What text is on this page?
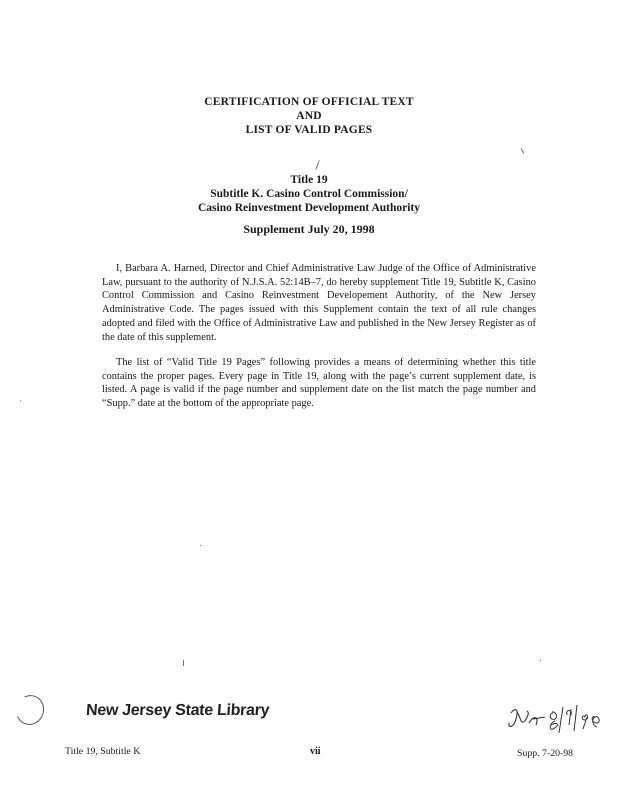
CERTIFICATION OF OFFICIAL TEXT
AND
LIST OF VALID PAGES
Title 19
Subtitle K. Casino Control Commission/
Casino Reinvestment Development Authority
Supplement July 20, 1998

I, Barbara A. Harned, Director and Chief Administrative Law Judge of the Office of Administrative Law, pursuant to the authority of N.J.S.A. 52:14B–7, do hereby supplement Title 19, Subtitle K, Casino Control Commission and Casino Reinvestment Developement Authority, of the New Jersey Administrative Code. The pages issued with this Supplement contain the text of all rule changes adopted and filed with the Office of Administrative Law and published in the New Jersey Register as of the date of this supplement.

The list of “Valid Title 19 Pages” following provides a means of determining whether this title contains the proper pages. Every page in Title 19, along with the page’s current supplement date, is listed. A page is valid if the page number and supplement date on the list match the page number and “Supp.” date at the bottom of the appropriate page.

New Jersey State Library
Title 19, Subtitle K	vii	Supp. 7-20-98
